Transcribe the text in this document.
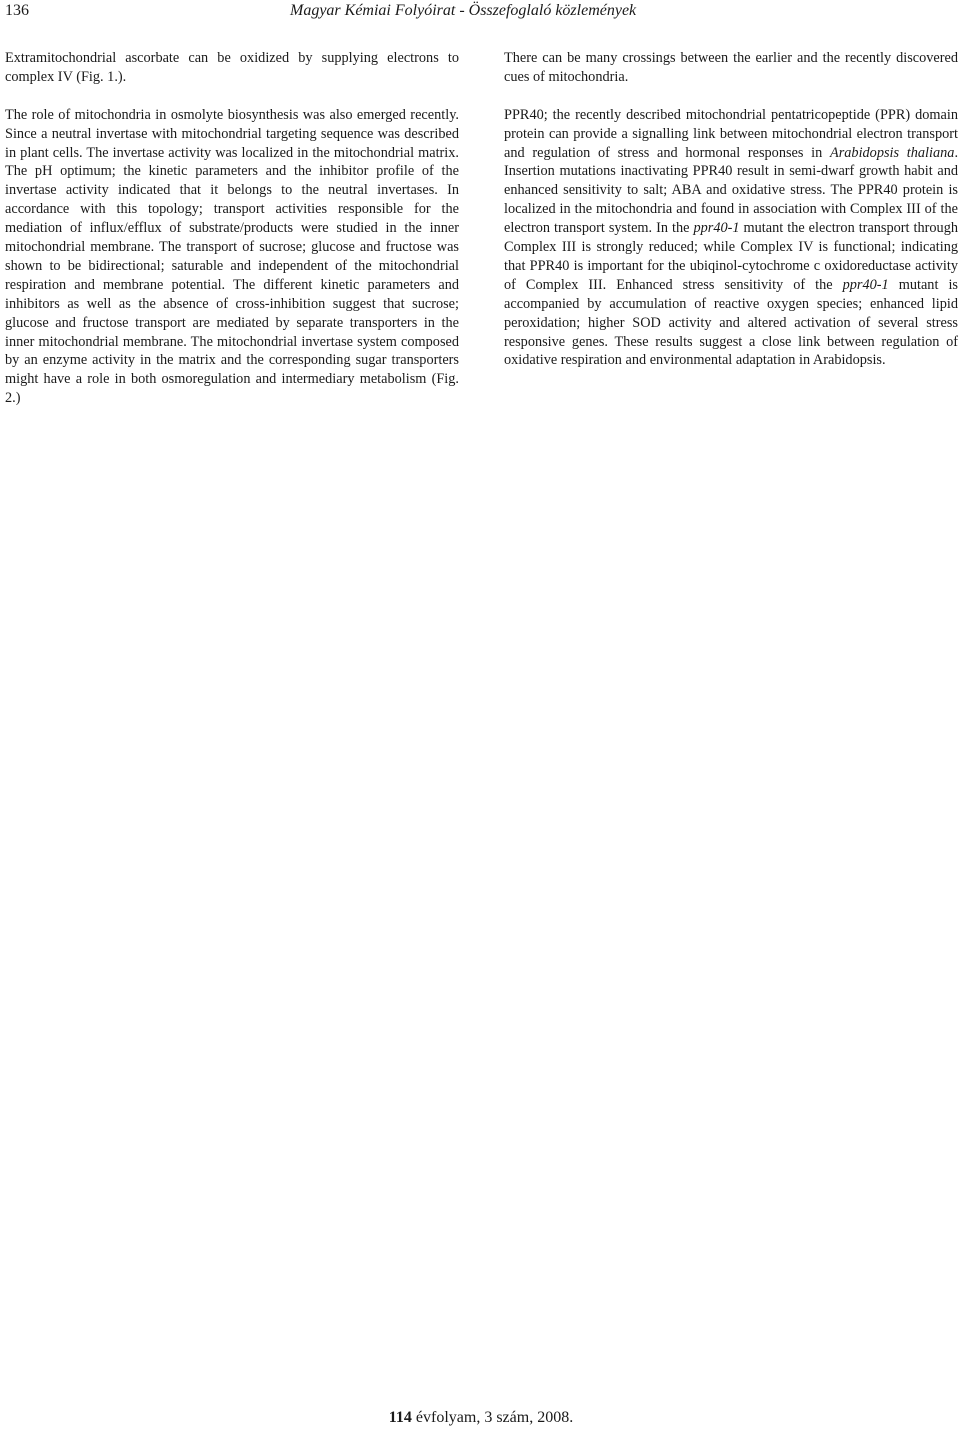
136	Magyar Kémiai Folyóirat - Összefoglaló közlemények

Extramitochondrial ascorbate can be oxidized by supplying electrons to complex IV (Fig. 1.).

The role of mitochondria in osmolyte biosynthesis was also emerged recently. Since a neutral invertase with mitochondrial targeting sequence was described in plant cells. The invertase activity was localized in the mitochondrial matrix. The pH optimum; the kinetic parameters and the inhibitor profile of the invertase activity indicated that it belongs to the neutral invertases. In accordance with this topology; transport activities responsible for the mediation of influx/efflux of substrate/products were studied in the inner mitochondrial membrane. The transport of sucrose; glucose and fructose was shown to be bidirectional; saturable and independent of the mitochondrial respiration and membrane potential. The different kinetic parameters and inhibitors as well as the absence of cross-inhibition suggest that sucrose; glucose and fructose transport are mediated by separate transporters in the inner mitochondrial membrane. The mitochondrial invertase system composed by an enzyme activity in the matrix and the corresponding sugar transporters might have a role in both osmoregulation and intermediary metabolism (Fig. 2.)

There can be many crossings between the earlier and the recently discovered cues of mitochondria.

PPR40; the recently described mitochondrial pentatricopeptide (PPR) domain protein can provide a signalling link between mitochondrial electron transport and regulation of stress and hormonal responses in Arabidopsis thaliana. Insertion mutations inactivating PPR40 result in semi-dwarf growth habit and enhanced sensitivity to salt; ABA and oxidative stress. The PPR40 protein is localized in the mitochondria and found in association with Complex III of the electron transport system. In the ppr40-1 mutant the electron transport through Complex III is strongly reduced; while Complex IV is functional; indicating that PPR40 is important for the ubiqinol-cytochrome c oxidoreductase activity of Complex III. Enhanced stress sensitivity of the ppr40-1 mutant is accompanied by accumulation of reactive oxygen species; enhanced lipid peroxidation; higher SOD activity and altered activation of several stress responsive genes. These results suggest a close link between regulation of oxidative respiration and environmental adaptation in Arabidopsis.

114 évfolyam, 3 szám, 2008.
